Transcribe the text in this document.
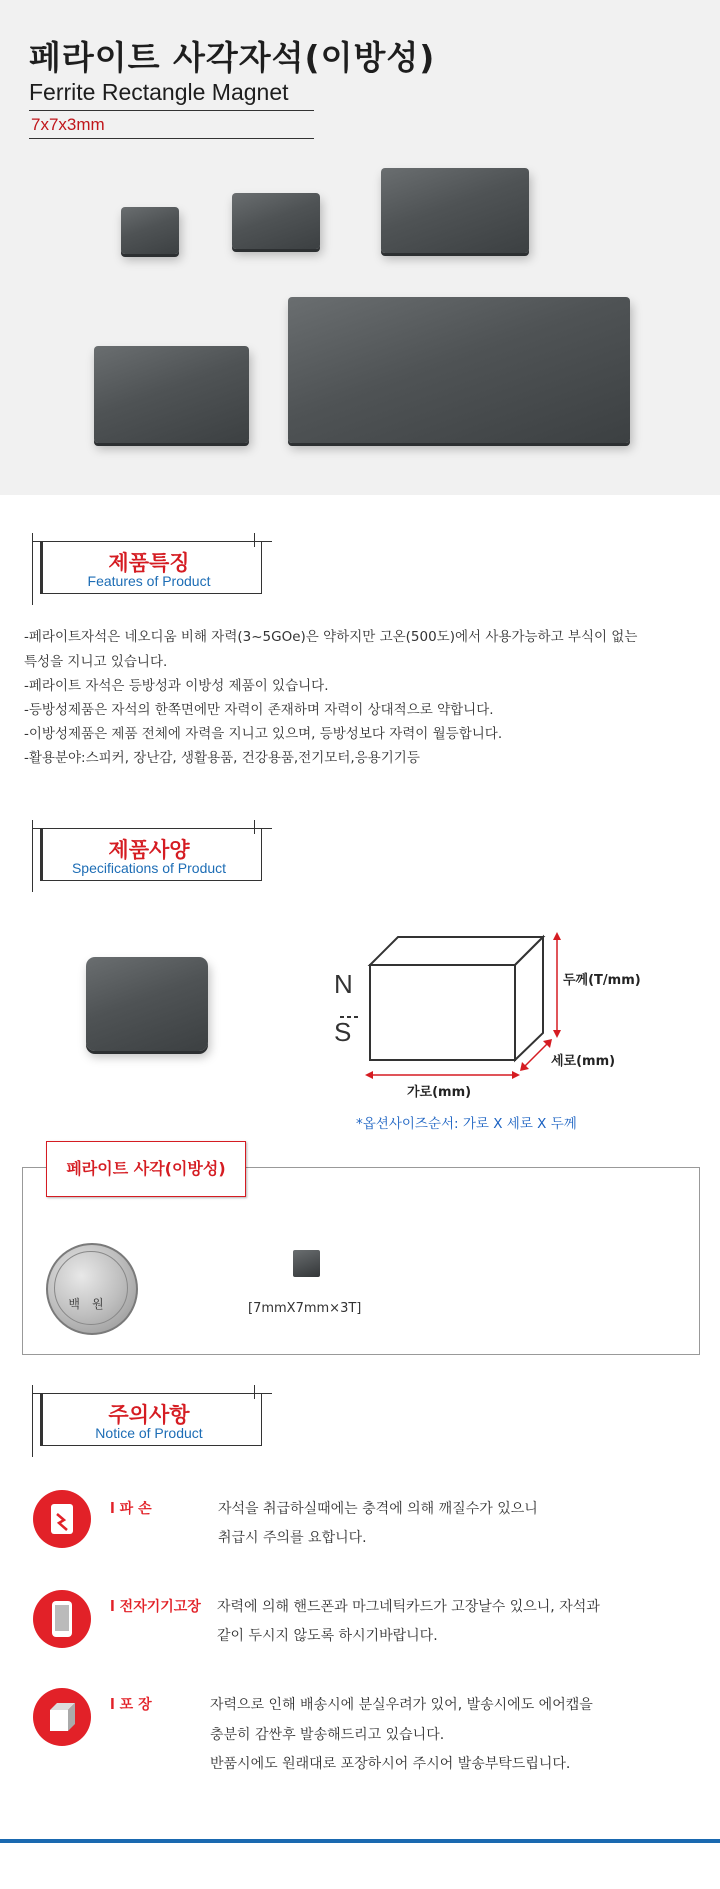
페라이트 사각자석(이방성)
Ferrite Rectangle Magnet
7x7x3mm
제품특징
Features of Product
-페라이트자석은 네오디움 비해 자력(3~5GOe)은 약하지만 고온(500도)에서 사용가능하고 부식이 없는
특성을 지니고 있습니다.
-페라이트 자석은 등방성과 이방성 제품이 있습니다.
-등방성제품은 자석의 한쪽면에만 자력이 존재하며 자력이 상대적으로 약합니다.
-이방성제품은 제품 전체에 자력을 지니고 있으며, 등방성보다 자력이 월등합니다.
-활용분야:스피커, 장난감, 생활용품, 건강용품,전기모터,응용기기등
제품사양
Specifications of Product
N
S
두께(T/mm)
세로(mm)
가로(mm)
*옵션사이즈순서: 가로 X 세로 X 두께
페라이트 사각(이방성)
백원	[7mmX7mm×3T]
주의사항
Notice of Product
l 파 손	자석을 취급하실때에는 충격에 의해 깨질수가 있으니
취급시 주의를 요합니다.
l 전자기기고장 자력에 의해 핸드폰과 마그네틱카드가 고장날수 있으니, 자석과
같이 두시지 않도록 하시기바랍니다.
l 포 장	자력으로 인해 배송시에 분실우려가 있어, 발송시에도 에어캡을
충분히 감싼후 발송해드리고 있습니다.
반품시에도 원래대로 포장하시어 주시어 발송부탁드립니다.
